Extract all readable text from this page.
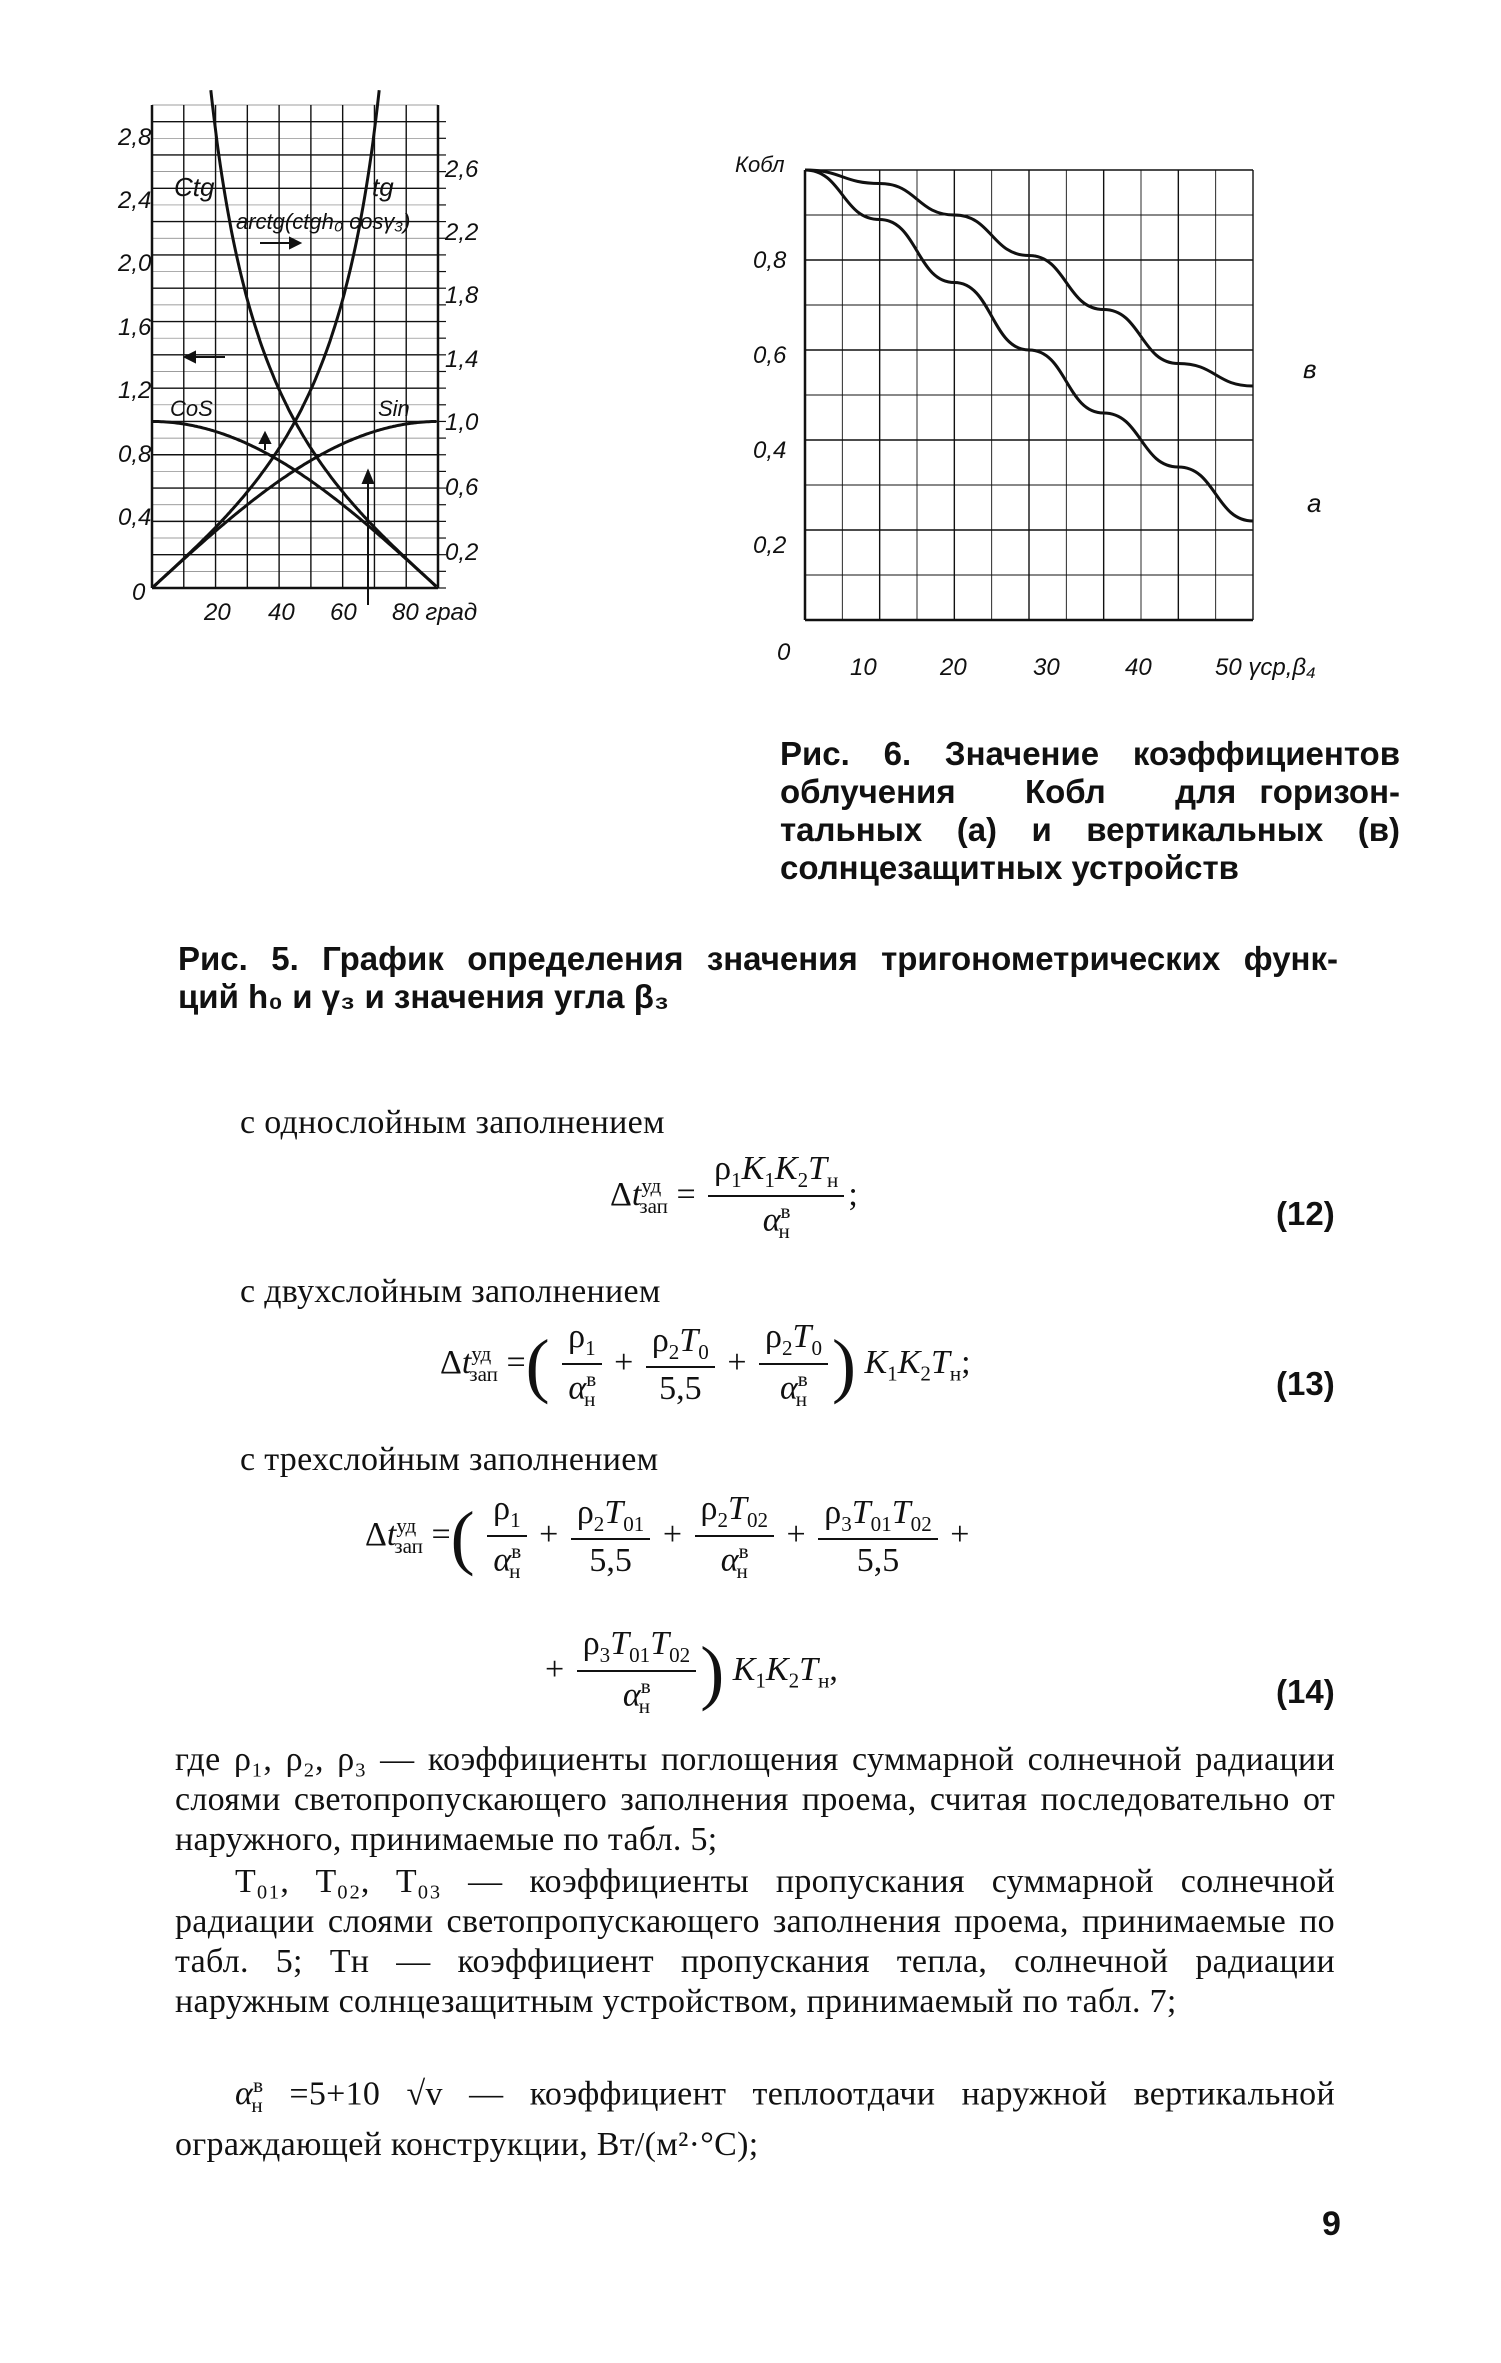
2,8
2,4
2,0
1,6
1,2
0,8
0,4
0
2,6
2,2
1,8
1,4
1,0
0,6
0,2
20 40 60 80 град
Ctg	tg
arctg(ctgh₀ cosγ₃)
CoS	Sin
Кобл
0,8
0,6
0,4
0,2
0
10	20	30	40	50 γср,β₄
в
а
Рис. 6. Значение коэффициентов
облучения   Кобл   для горизон-
тальных (а) и вертикальных (в)
солнцезащитных устройств
Рис. 5. График определения значения тригонометрических функ-
ций h₀ и γ₃ и значения угла β₃
с однослойным заполнением
$\Delta t^{уд}_{зап} = \frac{\rho_1K_1K_2T_н}{\alpha^в_н}$ ;
(12)
с двухслойным заполнением
$\Delta t^{уд}_{зап}$ =( $\frac{\rho_1}{\alpha^в_н} + \frac{\rho_2T_0}{5,5} + \frac{\rho_2T_0}{\alpha^в_н}$ ) $K_1K_2T_н$;
(13)
с трехслойным заполнением
$\Delta t^{уд}_{зап}$ =( $\frac{\rho_1}{\alpha^в_н} + \frac{\rho_2T_{01}}{5,5} + \frac{\rho_2T_{02}}{\alpha^в_н} + \frac{\rho_3T_{01}T_{02}}{5,5}$ +
+ $\frac{\rho_3T_{01}T_{02}}{\alpha^в_н}$ ) $K_1K_2T_н$,
(14)
где ρ₁, ρ₂, ρ₃ — коэффициенты поглощения суммарной солнечной радиации слоями светопропускающего заполнения проема, считая последовательно от наружного, принимаемые по табл. 5;
T₀₁, T₀₂, T₀₃ — коэффициенты пропускания суммарной солнечной радиации слоями светопропускающего заполнения проема, принимаемые по табл. 5; Tн — коэффициент пропускания тепла, солнечной радиации наружным солнцезащитным устройством, принимаемый по табл. 7;
$\alpha^в_н =5+10$ √v — коэффициент теплоотдачи наружной вертикальной ограждающей конструкции, Вт/(м²·°С);
9
